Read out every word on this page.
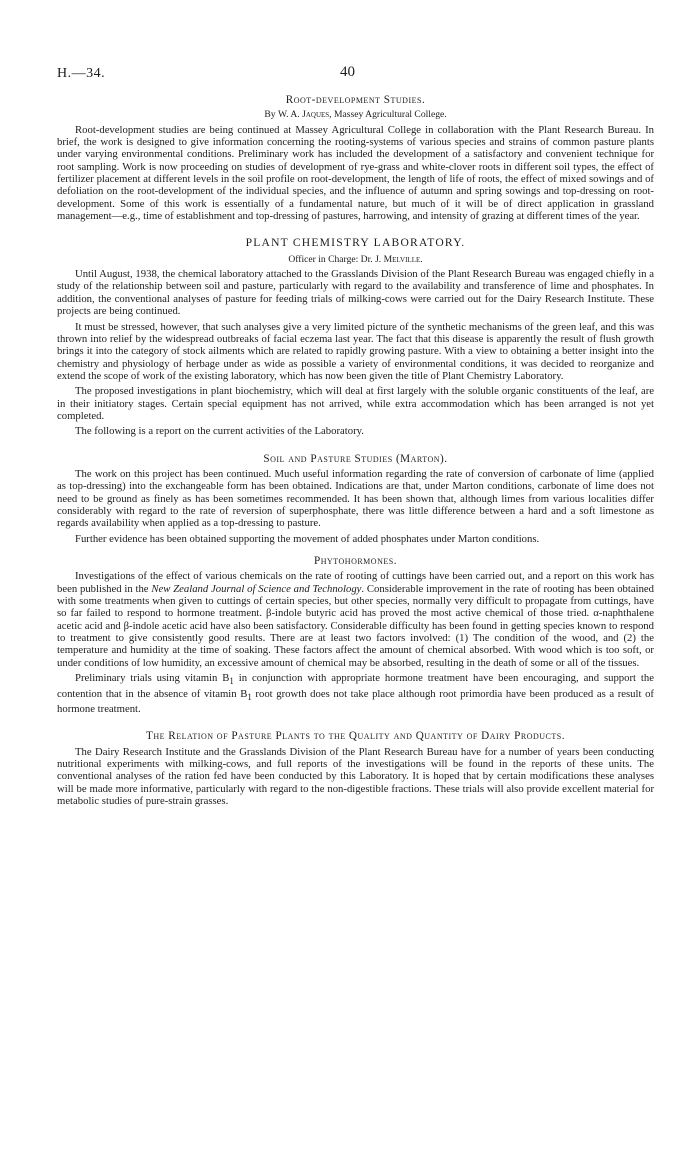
H.—34.	40
Root-development Studies.
By W. A. Jaques, Massey Agricultural College.

Root-development studies are being continued at Massey Agricultural College in collaboration with the Plant Research Bureau. In brief, the work is designed to give information concerning the rooting-systems of various species and strains of common pasture plants under varying environmental conditions. Preliminary work has included the development of a satisfactory and convenient technique for root sampling. Work is now proceeding on studies of development of rye-grass and white-clover roots in different soil types, the effect of fertilizer placement at different levels in the soil profile on root-development, the length of life of roots, the effect of mixed sowings and of defoliation on the root-development of the individual species, and the influence of autumn and spring sowings and top-dressing on root-development. Some of this work is essentially of a fundamental nature, but much of it will be of direct application in grassland management—e.g., time of establishment and top-dressing of pastures, harrowing, and intensity of grazing at different times of the year.

PLANT CHEMISTRY LABORATORY.
Officer in Charge: Dr. J. Melville.

Until August, 1938, the chemical laboratory attached to the Grasslands Division of the Plant Research Bureau was engaged chiefly in a study of the relationship between soil and pasture, particularly with regard to the availability and transference of lime and phosphates. In addition, the conventional analyses of pasture for feeding trials of milking-cows were carried out for the Dairy Research Institute. These projects are being continued.

It must be stressed, however, that such analyses give a very limited picture of the synthetic mechanisms of the green leaf, and this was thrown into relief by the widespread outbreaks of facial eczema last year. The fact that this disease is apparently the result of flush growth brings it into the category of stock ailments which are related to rapidly growing pasture. With a view to obtaining a better insight into the chemistry and physiology of herbage under as wide as possible a variety of environmental conditions, it was decided to reorganize and extend the scope of work of the existing laboratory, which has now been given the title of Plant Chemistry Laboratory.

The proposed investigations in plant biochemistry, which will deal at first largely with the soluble organic constituents of the leaf, are in their initiatory stages. Certain special equipment has not arrived, while extra accommodation which has been arranged is not yet completed.

The following is a report on the current activities of the Laboratory.

Soil and Pasture Studies (Marton).

The work on this project has been continued. Much useful information regarding the rate of conversion of carbonate of lime (applied as top-dressing) into the exchangeable form has been obtained. Indications are that, under Marton conditions, carbonate of lime does not need to be ground as finely as has been sometimes recommended. It has been shown that, although limes from various localities differ considerably with regard to the rate of reversion of superphosphate, there was little difference between a hard and a soft limestone as regards availability when applied as a top-dressing to pasture.

Further evidence has been obtained supporting the movement of added phosphates under Marton conditions.

Phytohormones.

Investigations of the effect of various chemicals on the rate of rooting of cuttings have been carried out, and a report on this work has been published in the New Zealand Journal of Science and Technology. Considerable improvement in the rate of rooting has been obtained with some treatments when given to cuttings of certain species, but other species, normally very difficult to propagate from cuttings, have so far failed to respond to hormone treatment. β-indole butyric acid has proved the most active chemical of those tried. α-naphthalene acetic acid and β-indole acetic acid have also been satisfactory. Considerable difficulty has been found in getting species known to respond to treatment to give consistently good results. There are at least two factors involved: (1) The condition of the wood, and (2) the temperature and humidity at the time of soaking. These factors affect the amount of chemical absorbed. With wood which is too soft, or under conditions of low humidity, an excessive amount of chemical may be absorbed, resulting in the death of some or all of the tissues.

Preliminary trials using vitamin $B_1$ in conjunction with appropriate hormone treatment have been encouraging, and support the contention that in the absence of vitamin $B_1$ root growth does not take place although root primordia have been produced as a result of hormone treatment.

The Relation of Pasture Plants to the Quality and Quantity of Dairy Products.

The Dairy Research Institute and the Grasslands Division of the Plant Research Bureau have for a number of years been conducting nutritional experiments with milking-cows, and full reports of the investigations will be found in the reports of these units. The conventional analyses of the ration fed have been conducted by this Laboratory. It is hoped that by certain modifications these analyses will be made more informative, particularly with regard to the non-digestible fractions. These trials will also provide excellent material for metabolic studies of pure-strain grasses.
